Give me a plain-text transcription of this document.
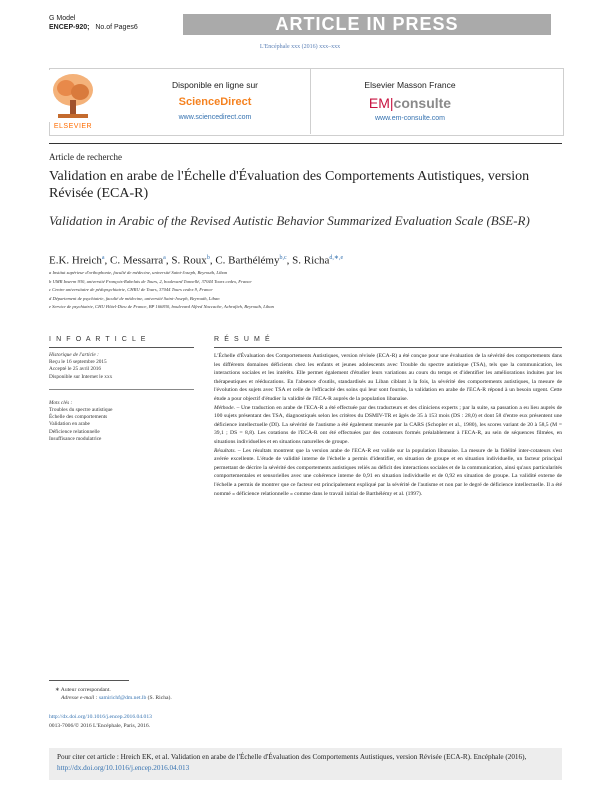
G Model
ENCEP-920; No.of Pages6	ARTICLE IN PRESS
L'Encéphale xxx (2016) xxx–xxx
ELSEVIER
Disponible en ligne sur
ScienceDirect
www.sciencedirect.com
Elsevier Masson France
EM|consulte
www.em-consulte.com
Article de recherche
Validation en arabe de l'Échelle d'Évaluation des Comportements Autistiques, version Révisée (ECA-R)
Validation in Arabic of the Revised Autistic Behavior Summarized Evaluation Scale (BSE-R)
E.K. Hreich$^a$, C. Messarra$^a$, S. Roux$^b$, C. Barthélémy$^{b,c}$, S. Richa$^{d,∗,e}$
a Institut supérieur d'orthophonie, faculté de médecine, université Saint-Joseph, Beyrouth, Liban
b UMR Inserm 930, université François-Rabelais de Tours, 2, boulevard Tonnellé, 37044 Tours cedex, France
c Centre universitaire de pédopsychiatrie, CHRU de Tours, 37044 Tours cedex 9, France
d Département de psychiatrie, faculté de médecine, université Saint-Joseph, Beyrouth, Liban
e Service de psychiatrie, CHU Hôtel-Dieu de France, BP 166830, boulevard Alfred Naccache, Achrafieh, Beyrouth, Liban
I N F O A R T I C L E	R É S U M É
Historique de l'article :
Reçu le 16 septembre 2015
Accepté le 25 avril 2016
Disponible sur Internet le xxx
Mots clés :
Troubles du spectre autistique
Échelle des comportements
Validation en arabe
Déficience relationnelle
Insuffisance modulatrice

L'Échelle d'Évaluation des Comportements Autistiques, version révisée (ECA-R) a été conçue pour une évaluation de la sévérité des comportements dans les différents domaines déficients chez les enfants et jeunes adolescents avec Trouble du spectre autistique (TSA), tels que la communication, les interactions sociales et les intérêts. Elle permet également d'étudier leurs variations au cours du temps et d'identifier les améliorations induites par les thérapeutiques et rééducations. En l'absence d'outils, standardisés au Liban ciblant à la fois, la sévérité des comportements autistiques, la mesure de l'évolution des sujets avec TSA et celle de l'efficacité des soins qui leur sont fournis, la validation en arabe de l'ECA-R répond à un besoin urgent. Cette étude a pour objectif d'étudier la validité de l'ECA-R auprès de la population libanaise.

Méthode. – Une traduction en arabe de l'ECA-R a été effectuée par des traducteurs et des cliniciens experts ; par la suite, sa passation a eu lieu auprès de 100 sujets présentant des TSA, diagnostiqués selon les critères du DSMIV-TR et âgés de 35 à 153 mois (DS : 28,0) et dont 58 d'entre eux présentent une déficience intellectuelle (DI). La sévérité de l'autisme a été également mesurée par la CARS (Schopler et al., 1980), les scores variant de 20 à 58,5 (M = 39,1 ; DS = 8,8). Les cotations de l'ECA-R ont été effectuées par des cotateurs formés préalablement à l'ECA-R, au sein de séquences filmées, en situations individuelles et en situations naturelles de groupe.

Résultats. – Les résultats montrent que la version arabe de l'ECA-R est valide sur la population libanaise. La mesure de la fidélité inter-cotateurs s'est avérée excellente. L'étude de validité interne de l'échelle a permis d'identifier, en situation de groupe et en situation individuelle, un facteur principal permettant de décrire la sévérité des comportements autistiques reliés au déficit des interactions sociales et de la communication, ainsi qu'aux particularités comportementales et sensorielles avec une cohérence interne de 0,91 en situation individuelle et de 0,92 en situation de groupe. La validité externe de l'échelle a permis de montrer que ce facteur est principalement expliqué par la sévérité de l'autisme et non par le degré de déficience intellectuelle. Il a été nommé « déficience relationnelle » comme dans le travail initial de Barthélémy et al. (1997).

∗ Auteur correspondant.
Adresse e-mail : samirichf@dm.net.lb (S. Richa).
http://dx.doi.org/10.1016/j.encep.2016.04.013
0013-7006/© 2016 L'Encéphale, Paris, 2016.
Pour citer cet article : Hreich EK, et al. Validation en arabe de l'Échelle d'Évaluation des Comportements Autistiques, version Révisée (ECA-R). Encéphale (2016), http://dx.doi.org/10.1016/j.encep.2016.04.013
